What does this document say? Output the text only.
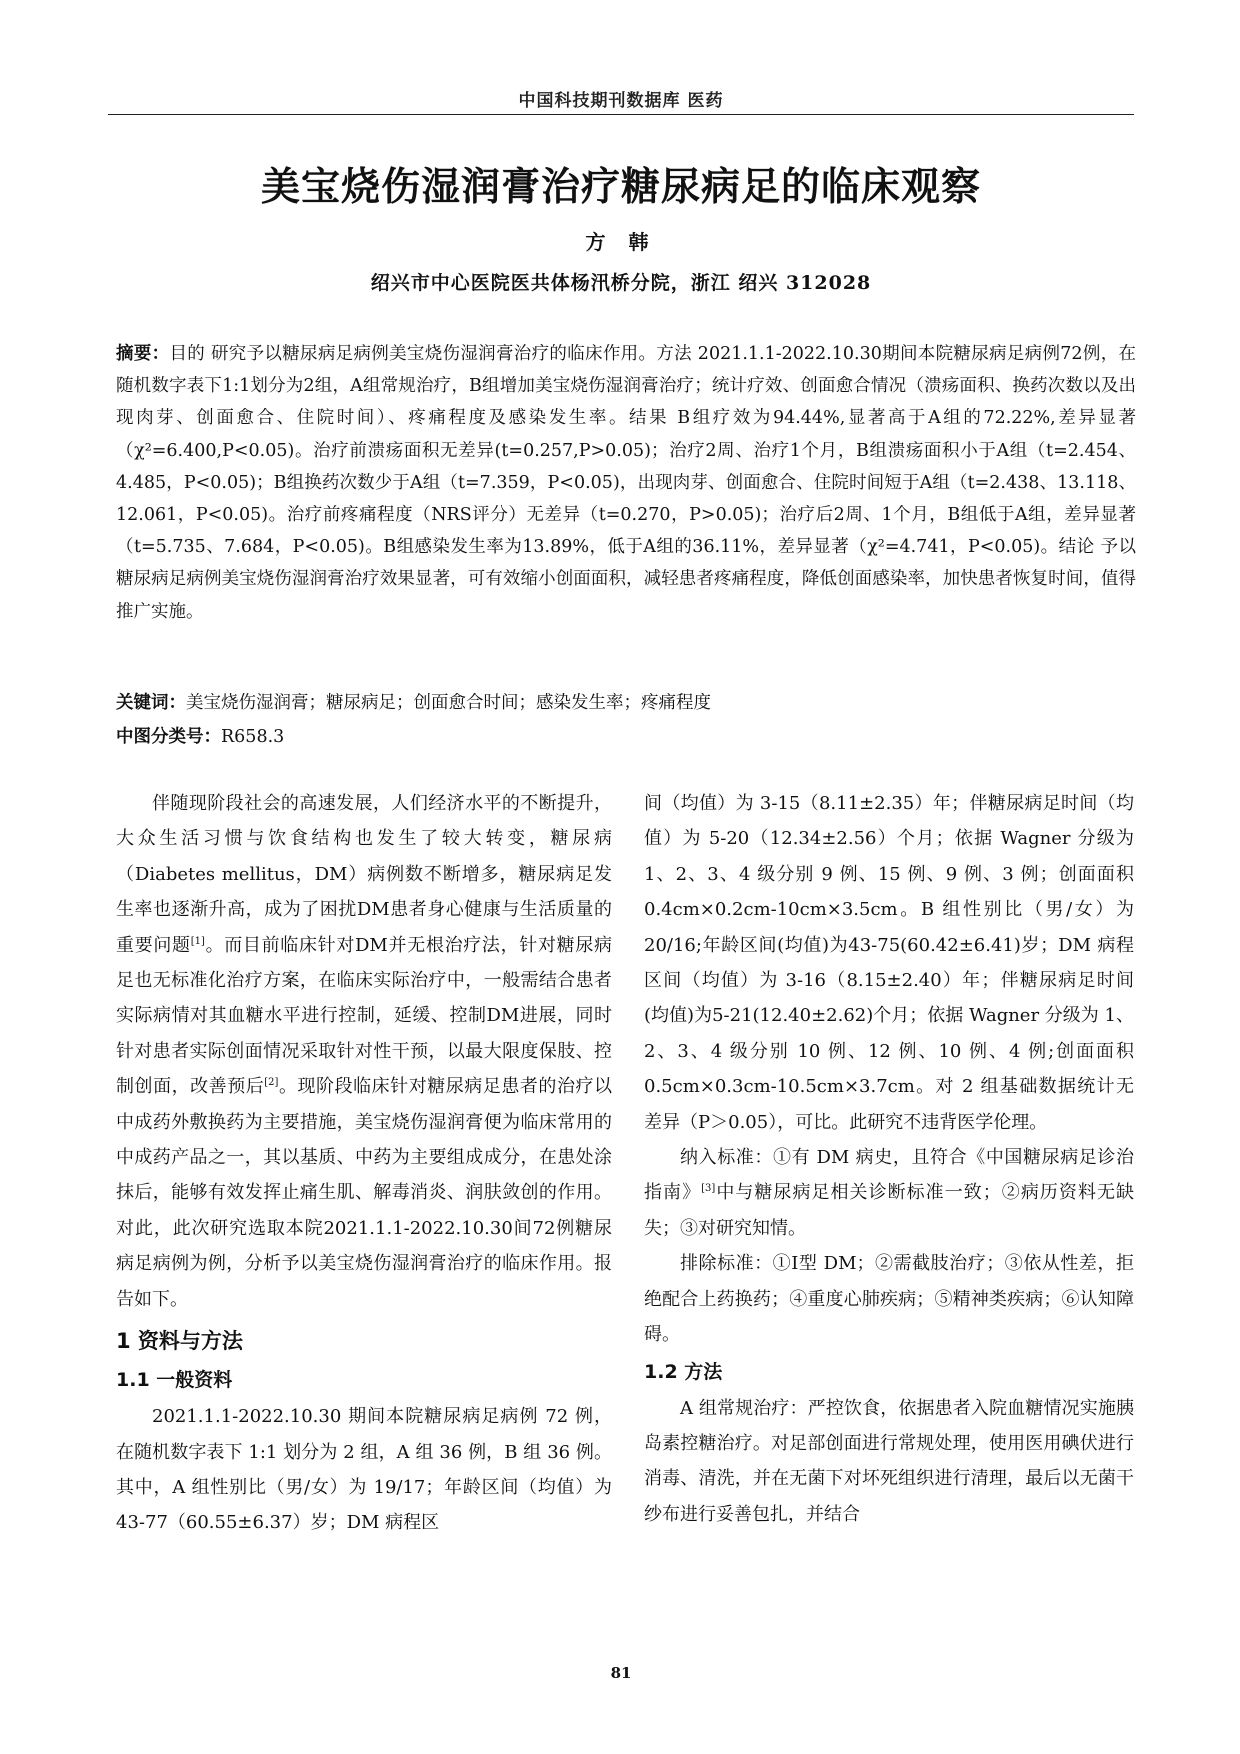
中国科技期刊数据库 医药
美宝烧伤湿润膏治疗糖尿病足的临床观察
方 韩
绍兴市中心医院医共体杨汛桥分院，浙江 绍兴 312028
摘要：目的 研究予以糖尿病足病例美宝烧伤湿润膏治疗的临床作用。方法 2021.1.1-2022.10.30期间本院糖尿病足病例72例，在随机数字表下1:1划分为2组，A组常规治疗，B组增加美宝烧伤湿润膏治疗；统计疗效、创面愈合情况（溃疡面积、换药次数以及出现肉芽、创面愈合、住院时间）、疼痛程度及感染发生率。结果 B组疗效为94.44%,显著高于A组的72.22%,差异显著（χ²=6.400,P<0.05)。治疗前溃疡面积无差异(t=0.257,P>0.05)；治疗2周、治疗1个月，B组溃疡面积小于A组（t=2.454、4.485，P<0.05)；B组换药次数少于A组（t=7.359，P<0.05)，出现肉芽、创面愈合、住院时间短于A组（t=2.438、13.118、12.061，P<0.05)。治疗前疼痛程度（NRS评分）无差异（t=0.270，P>0.05)；治疗后2周、1个月，B组低于A组，差异显著（t=5.735、7.684，P<0.05)。B组感染发生率为13.89%，低于A组的36.11%，差异显著（χ²=4.741，P<0.05)。结论 予以糖尿病足病例美宝烧伤湿润膏治疗效果显著，可有效缩小创面面积，减轻患者疼痛程度，降低创面感染率，加快患者恢复时间，值得推广实施。
关键词：美宝烧伤湿润膏；糖尿病足；创面愈合时间；感染发生率；疼痛程度
中图分类号：R658.3

伴随现阶段社会的高速发展，人们经济水平的不断提升，大众生活习惯与饮食结构也发生了较大转变，糖尿病（Diabetes mellitus，DM）病例数不断增多，糖尿病足发生率也逐渐升高，成为了困扰DM患者身心健康与生活质量的重要问题[1]。而目前临床针对DM并无根治疗法，针对糖尿病足也无标准化治疗方案，在临床实际治疗中，一般需结合患者实际病情对其血糖水平进行控制，延缓、控制DM进展，同时针对患者实际创面情况采取针对性干预，以最大限度保肢、控制创面，改善预后[2]。现阶段临床针对糖尿病足患者的治疗以中成药外敷换药为主要措施，美宝烧伤湿润膏便为临床常用的中成药产品之一，其以基质、中药为主要组成成分，在患处涂抹后，能够有效发挥止痛生肌、解毒消炎、润肤敛创的作用。对此，此次研究选取本院2021.1.1-2022.10.30间72例糖尿病足病例为例，分析予以美宝烧伤湿润膏治疗的临床作用。报告如下。

1 资料与方法

1.1 一般资料

2021.1.1-2022.10.30 期间本院糖尿病足病例 72 例，在随机数字表下 1:1 划分为 2 组，A 组 36 例，B 组 36 例。其中，A 组性别比（男/女）为 19/17；年龄区间（均值）为 43-77（60.55±6.37）岁；DM 病程区

间（均值）为 3-15（8.11±2.35）年；伴糖尿病足时间（均值）为 5-20（12.34±2.56）个月；依据 Wagner 分级为 1、2、3、4 级分别 9 例、15 例、9 例、3 例；创面面积 0.4cm×0.2cm-10cm×3.5cm。B 组性别比（男/女）为20/16;年龄区间(均值)为43-75(60.42±6.41)岁；DM 病程区间（均值）为 3-16（8.15±2.40）年；伴糖尿病足时间(均值)为5-21(12.40±2.62)个月；依据 Wagner 分级为 1、2、3、4 级分别 10 例、12 例、10 例、4 例;创面面积 0.5cm×0.3cm-10.5cm×3.7cm。对 2 组基础数据统计无差异（P＞0.05），可比。此研究不违背医学伦理。

纳入标准：①有 DM 病史，且符合《中国糖尿病足诊治指南》[3]中与糖尿病足相关诊断标准一致；②病历资料无缺失；③对研究知情。

排除标准：①Ⅰ型 DM；②需截肢治疗；③依从性差，拒绝配合上药换药；④重度心肺疾病；⑤精神类疾病；⑥认知障碍。

1.2 方法

A 组常规治疗：严控饮食，依据患者入院血糖情况实施胰岛素控糖治疗。对足部创面进行常规处理，使用医用碘伏进行消毒、清洗，并在无菌下对坏死组织进行清理，最后以无菌干纱布进行妥善包扎，并结合

81
